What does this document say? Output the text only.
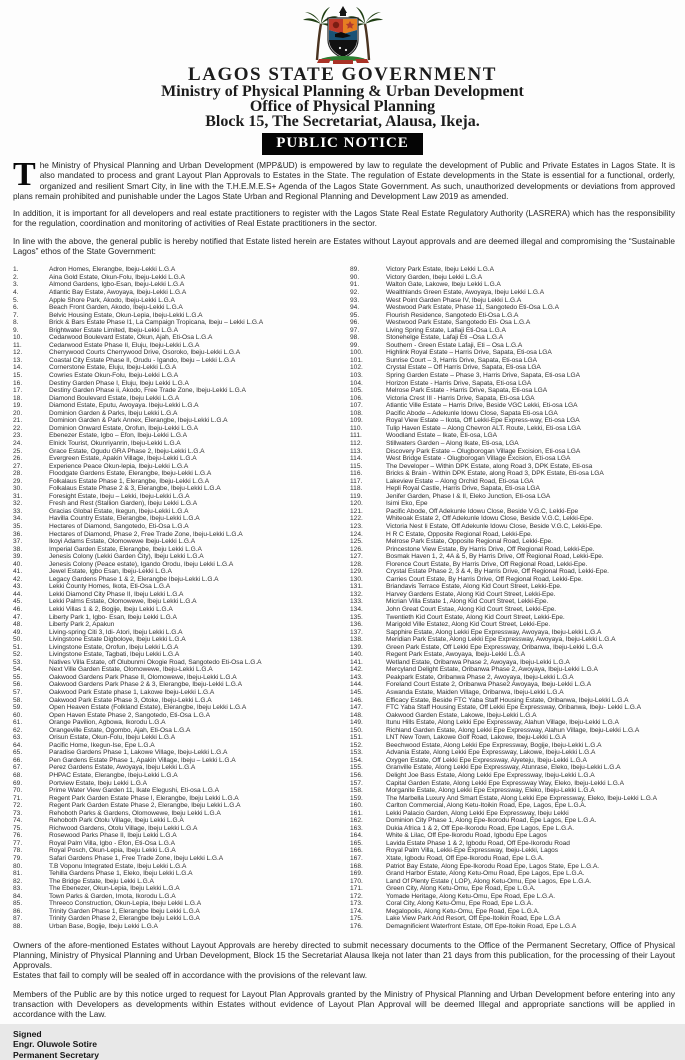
LAGOS STATE GOVERNMENT
Ministry of Physical Planning & Urban Development
Office of Physical Planning
Block 15, The Secretariat, Alausa, Ikeja.
PUBLIC NOTICE

The Ministry of Physical Planning and Urban Development (MPP&UD) is empowered by law to regulate the development of Public and Private Estates in Lagos State. It is also mandated to process and grant Layout Plan Approvals to Estates in the State. The regulation of Estate developments in the State is essential for a functional, orderly, organized and resilient Smart City, in line with the T.H.E.M.E.S+ Agenda of the Lagos State Government. As such, unauthorized developments or deviations from approved plans remain prohibited and punishable under the Lagos State Urban and Regional Planning and Development Law 2019 as amended.

In addition, it is important for all developers and real estate practitioners to register with the Lagos State Real Estate Regulatory Authority (LASRERA) which has the responsibility for the regulation, coordination and monitoring of activities of Real Estate practitioners in the sector.

In line with the above, the general public is hereby notified that Estate listed herein are Estates without Layout approvals and are deemed illegal and compromising the “Sustainable Lagos” ethos of the State Government:

1.	Adron Homes, Elerangbe, Ibeju-Lekki L.G.A
2.	Aina Gold Estate, Okun-Folu, Ibeju-Lekki L.G.A
3.	Almond Gardens, Igbo-Esan, Ibeju-Lekki L.G.A
4.	Atlantic Bay Estate, Awoyaya, Ibeju-Lekki L.G.A
5.	Apple Shore Park, Akodo, Ibeju-Lekki L.G.A
6.	Beach Front Garden, Akodo, Ibeju-Lekki L.G.A
7.	Belvic Housing Estate, Okun-Lepia, Ibeju-Lekki L.G.A
8.	Brick & Bars Estate Phase I1, La Campaign Tropicana, Ibeju – Lekki L.G.A
9.	Brightwater Estate Limited, Ibeju-Lekki L.G.A
10.	Cedarwood Boulevard Estate, Okun, Ajah, Eti-Osa L.G.A
11.	Cedarwood Estate Phase II, Eluju, Ibeju-Lekki L.G.A
12.	Cherrywood Courts Cherrywood Drive, Osoroko, Ibeju-Lekki L.G.A
13.	Coastal City Estate Phase II, Orudu - Igando, Ibeju – Lekki L.G.A
14.	Cornerstone Estate, Eluju, Ibeju-Lekki L.G.A
15.	Cowries Estate Okun-Folu, Ibeju-Lekki L.G.A
16.	Destiny Garden Phase I, Eluju, Ibeju Lekki L.G.A
17.	Destiny Garden Phase ii, Akodo, Free Trade Zone, Ibeju-Lekki L.G.A
18.	Diamond Boulevard Estate, Ibeju Lekki L.G.A
19.	Diamond Estate, Eputu, Awoyaya. Ibeju-Lekki L.G.A
20.	Dominion Garden & Parks, Ibeju Lekki L.G.A
21.	Dominion Garden & Park Annex, Elerangbe, Ibeju-Lekki L.G.A
22.	Dominion Onward Estate, Orofun, Ibeju-Lekki L.G.A
23.	Ebenezer Estate, Igbo – Efon, Ibeju-Lekki L.G.A
24.	Elnick Tourist, Okunriyanrin, Ibeju-Lekki L.G.A
25.	Grace Estate, Ogudu GRA Phase 2, Ibeju-Lekki L.G.A
26.	Evergreen Estate, Apakin Village, Ibeju-Lekki L.G.A
27.	Experience Peace Okun-lepia, Ibeju-Lekki L.G.A
28.	Floodgate Gardens Estate, Elerangbe, Ibeju-Lekki L.G.A
29.	Folkalaus Estate Phase 1, Elerangbe, Ibeju-Lekki L.G.A
30.	Folkalaus Estate Phase 2 & 3, Elerangbe, Ibeju-Lekki L.G.A
31.	Foresight Estate, Ibeju – Lekki, Ibeju-Lekki L.G.A
32.	Fresh and Rest (Stallion Garden), Ibeju Lekki L.G.A
33.	Gracias Global Estate, Ikegun, Ibeju-Lekki L.G.A
34.	Havilla Country Estate, Elerangbe, Ibeju-Lekki L.G.A
35.	Hectares of Diamond, Sangotedo, Eti-Osa L.G.A
36.	Hectares of Diamond, Phase 2, Free Trade Zone, Ibeju-Lekki L.G.A
37.	Ikoyi Adams Estate, Olomowewe Ibeju-Lekki L.G.A
38.	Imperial Garden Estate, Elerangbe, Ibeju Lekki L.G.A
39.	Jenesis Colony (Lekki Garden City), Ibeju Lekki L.G.A
40.	Jenesis Colony (Peace estate), Igando Orodu, Ibeju Lekki L.G.A
41.	Jewel Estate, Igbo Esan, Ibeju-Lekki L.G.A
42.	Legacy Gardens Phase 1 & 2, Elerangbe Ibeju-Lekki L.G.A
43.	Lekki County Homes, Ikota, Eti-Osa L.G.A
44.	Lekki Diamond City Phase II, Ibeju Lekki L.G.A
45.	Lekki Palms Estate, Olomowewe, Ibeju Lekki L.G.A
46.	Lekki Villas 1 & 2, Bogije, Ibeju Lekki L.G.A
47.	Liberty Park 1, Igbo- Esan, Ibeju Lekki L.G.A
48.	Liberty Park 2, Apakun
49.	Living-spring Citi 3, Idi- Atori, Ibeju Lekki L.G.A
50.	Livingstone Estate Digboloye, Ibeju Lekki L.G.A
51.	Livingstone Estate, Orofun, Ibeju Lekki L.G.A
52.	Livingstone Estate, Tagbati, Ibeju Lekki L.G.A
53.	Natives Villa Estate, off Olubunmi Okogie Road, Sangotedo Eti-Osa L.G.A
54.	Next Ville Garden Estate, Olomowewe, Ibeju-Lekki L.G.A
55.	Oakwood Gardens Park Phase II, Olomowewe, Ibeju-Lekki L.G.A
56.	Oakwood Gardens Park Phase 2 & 3, Elerangbe, Ibeju-Lekki L.G.A
57.	Oakwood Park Estate phase 1, Lakowe Ibeju-Lekki L.G.A
58.	Oakwood Park Estate Phase 3, Otoke, Ibeju-Lekki L.G.A
59.	Open Heaven Estate (Folkland Estate), Elerangbe, Ibeju Lekki L.G.A
60.	Open Haven Estate Phase 2, Sangotedo, Eti-Osa L.G.A
61.	Orange Pavilion, Agbowa, Ikorodu L.G.A
62.	Orangeville Estate, Ogombo, Ajah, Eti-Osa L.G.A
63.	Orisun Estate, Okun-Folu, Ibeju Lekki L.G.A
64.	Pacific Home, Ikegun-Ise, Epe L.G.A
65.	Paradise Gardens Phase 1, Lakowe Village, Ibeju-Lekki L.G.A
66.	Pen Gardens Estate Phase 1, Apakin Village, Ibeju – Lekki L.G.A
67.	Perez Gardens Estate, Awoyaya, Ibeju Lekki L.G.A
68.	PHPAC Estate, Elerangbe, Ibeju-Lekki L.G.A
69.	Portview Estate, Ibeju Lekki L.G.A
70.	Prime Water View Garden 11, Ikate Elegushi, Eti-osa L.G.A
71.	Regent Park Garden Estate Phase I, Elerangbe, Ibeju Lekki L.G.A
72.	Regent Park Garden Estate Phase 2, Elerangbe, Ibeju Lekki L.G.A
73.	Rehoboth Parks & Gardens, Olomowewe, Ibeju Lekki L.G.A
74.	Rehoboth Park Otolu Village, Ibeju Lekki L.G.A
75.	Richwood Gardens, Otolu Village, Ibeju Lekki L.G.A
76.	Rosewood Parks Phase II, Ibeju Lekki L.G.A
77.	Royal Palm Villa, Igbo - Efon, Eti-Osa L.G.A
78.	Royal Posch, Okun-Lepia, Ibeju Lekki L.G.A
79.	Safari Gardens Phase 1, Free Trade Zone, Ibeju Lekki L.G.A
80.	T.B Voponu Integrated Estate, Ibeju Lekki L.G.A
81.	Tehilla Gardens Phase 1, Eleko, Ibeju Lekki L.G.A
82.	The Bridge Estate, Ibeju Lekki L.G.A
83.	The Ebenezer, Okun-Lepia, Ibeju Lekki L.G.A
84.	Town Parks & Garden, Imota, Ikorodu L.G.A
85.	Threeco Construction, Okun-Lepia, Ibeju Lekki L.G.A
86.	Trinity Garden Phase 1, Elerangbe Ibeju Lekki L.G.A
87.	Trinity Garden Phase 2, Elerangbe Ibeju Lekki L.G.A
88.	Urban Base, Bogije, Ibeju Lekki L.G.A
89.	Victory Park Estate, Ibeju Lekki L.G.A
90.	Victory Garden, Ibeju Lekki L.G.A
91.	Walton Gate, Lakowe, Ibeju Lekki L.G.A
92.	Wealthlands Green Estate, Awoyaya, Ibeju Lekki L.G.A
93.	West Point Garden Phase IV, Ibeju Lekki L.G.A
94.	Westwood Park Estate, Phase 11, Sangotedo Eti-Osa L.G.A
95.	Flourish Residence, Sangotedo Eti-Osa L.G.A
96.	Westwood Park Estate, Sangotedo Eti- Osa L.G.A
97.	Living Spring Estate, Lafiaji Eti-Osa L.G.A
98.	Stonehelge Estate, Lafaji Eti –Osa L.G.A
99.	Southern - Green Estate Lafaji, Eti – Osa L.G.A
100.	Highlink Royal Estate – Harris Drive, Sapata, Eti-osa LGA
101.	Sunrise Court – 3, Harris Drive, Sapata, Eti-osa LGA
102.	Crystal Estate – Off Harris Drive, Sapata, Eti-osa LGA
103.	Spring Garden Estate – Phase 3, Harris Drive, Sapata, Eti-osa LGA
104.	Horizon Estate - Harris Drive, Sapata, Eti-osa LGA
105.	Melrose Park Estate - Harris Drive, Sapata, Eti-osa LGA
106.	Victoria Crest III - Harris Drive, Sapata, Eti-osa LGA
107.	Atlantic Ville Estate – Harris Drive, Beside VGC Lekki, Eti-osa LGA
108.	Pacific Abode – Adekunle Idowu Close, Sapata Eti-osa LGA
109.	Royal View Estate – Ikota, Off Lekki-Epe Express-way, Eti-osa LGA
110.	Tulip Haven Estate – Along Chevron ALT. Route, Lekki, Eti-osa LGA
111.	Woodland Estate – Ikate, Eti-osa, LGA
112.	Stillwaters Garden – Along Ikate, Eti-osa, LGA
113.	Discovery Park Estate – Olugborogan Village Excision, Eti-osa LGA
114.	West Bridge Estate - Olugborogan Village Excision, Eti-osa LGA
115.	The Developer – Within DPK Estate, along Road 3, DPK Estate, Eti-osa
116.	Bricks & Brain - Within DPK Estate, along Road 3, DPK Estate, Eti-osa LGA
117.	Lakeview Estate – Along Orchid Road, Eti-osa LGA
118.	Hepli Royal Castle, Harris Drive, Sapata, Eti-osa LGA
119.	Jenifer Garden, Phase I & II, Eleko Junction, Eti-osa LGA
120.	Isimi Eko, Epe
121.	Pacific Abode, Off Adekunle Idowu Close, Beside V.G.C, Lekki-Epe
122.	Whiteoak Estate 2, Off Adekunle Idowu Close, Beside V.G.C, Lekki-Epe.
123.	Victoria Nest Ii Estate, Off Adekunle Idowu Close, Beside V.G.C, Lekki-Epe.
124.	H R C Estate, Opposite Regional Road, Lekki-Epe.
125.	Melrose Park Estate, Opposite Regional Road, Lekki-Epe.
126.	Princestone View Estate, By Harris Drive, Off Regional Road, Lekki-Epe.
127.	Bosmak Haven 1, 2, 4A & 5, By Harris Drive, Off Regional Road, Lekki-Epe.
128.	Florence Court Estate, By Harris Drive, Off Regional Road, Lekki-Epe.
129.	Crystal Estate Phase 2, 3 & 4, By Harris Drive, Off Regional Road, Lekki-Epe.
130.	Carries Court Estate, By Harris Drive, Off Regional Road, Lekki-Epe.
131.	Briandavis Terrace Estate, Along Kid Court Street, Lekki-Epe.
132.	Harvey Gardens Estate, Along Kid Court Street, Lekki-Epe.
133.	Micrian Villa Estate 1, Along Kid Court Street, Lekki-Epe.
134.	John Great Court Estae, Along Kid Court Street, Lekki-Epe.
135.	Twentieth Kid Court Estate, Along Kid Court Street, Lekki-Epe.
136.	Marigold Ville Estatez, Along Kid Court Street, Lekki-Epe.
137.	Sapphire Estate, Along Lekki Epe Expressway, Awoyaya, Ibeju-Lekki L.G.A
138.	Meridian Park Estate, Along Lekki Epe Expressway, Awoyaya, Ibeju-Lekki L.G.A
139.	Green Park Estate, Off Lekki Epe Expressway, Oribanwa, Ibeju-Lekki L.G.A
140.	Regent Park Estate, Awoyaya, Ibeju-Lekki L.G.A
141.	Wetland Estate, Oribanwa Phase 2, Awoyaya, Ibeju-Lekki L.G.A
142.	Mercyland Delight Estate, Oribanwa Phase 2, Awoyaya, Ibeju-Lekki L.G.A
143.	Peakpark Estate, Oribanwa Phase 2, Awoyaya, Ibeju-Lekki L.G.A
144.	Foreland Court Estate 2, Oribanwa Phase2 Awoyaya, Ibeju-Lekki L.G.A
145.	Aswanda Estate, Maiden Village, Oribanwa, Ibeju-Lekki L.G.A
146.	Efficacy Estate, Beside FTC Yaba Staff Housing Estate, Oribanwa, Ibeju-Lekki L.G.A
147.	FTC Yaba Staff Housing Estate, Off Lekki Epe Expressway, Oribanwa, Ibeju- Lekki L.G.A
148.	Oakwood Garden Estate, Lakowe, Ibeju-Lekki L.G.A
149.	Itunu Hills Estate, Along Lekki Epe Expressway, Alahun Village, Ibeju-Lekki L.G.A
150.	Richland Garden Estate, Along Lekki Epe Expressway, Alahun Village, Ibeju-Lekki L.G.A
151.	LNT New Town, Lakowe Golf Road, Lakowe, Ibeju-Lekki L.G.A
152.	Beechwood Estate, Along Lekki Epe Expressway, Bogije, Ibeju-Lekki L.G.A
153.	Advania Estate, Along Lekki Epe Expressway, Lakowe, Ibeju-Lekki L.G.A
154.	Oxygen Estate, Off Lekki Epe Expressway, Aiyeteju, Ibeju-Lekki L.G.A
155.	Granville Estate, Along Lekki Epe Expressway, Atunrase, Eleko, Ibeju-Lekki L.G.A
156.	Delight Joe Bass Estate, Along Lekki Epe Expressway, Ibeju-Lekki L.G.A
157.	Capital Garden Estate, Along Lekki Epe Expressway Way, Eleko, Ibeju-Lekki L.G.A
158.	Morganite Estate, Along Lekki Epe Expressway, Eleko, Ibeju-Lekki L.G.A
159.	The Marbella Luxury And Smart Estate, Along Lekki Epe Expressway, Eleko, Ibeju-Lekki L.G.A
160.	Carlton Commercial, Along Ketu-Itoikin Road, Epe, Lagos, Epe L.G.A.
161.	Lekki Palacio Garden, Along Lekki Epe Expressway, Ibeju Lekki
162.	Dominion City Phase 1, Along Epe-Ikorodu Road, Epe Lagos, Epe L.G.A.
163.	Dukia Africa 1 & 2, Off Epe-Ikorodu Road, Epe Lagos, Epe L.G.A.
164.	White & Lilac, Off Epe-Ikorodu Road, Igbodu Epe Lagos
165.	Lavida Estate Phase 1 & 2, Igbodu Road, Off Epe-Ikorodu Road
166.	Royal Palm Villa, Lekki-Epe Expressway, Ibeju-Lekki, Lagos
167.	Xtate, Igbodu Road, Off Epe-Ikorodu Road, Epe L.G.A.
168.	Patriot Bay Estate, Along Epe-Ikorodu Road Epe, Lagos State, Epe L.G.A.
169.	Grand Harbor Estate, Along Ketu-Omu Road, Epe Lagos, Epe L.G.A.
170.	Land Of Plenty Estate ( LOP), Along Ketu-Omu, Epe Lagos, Epe L.G.A.
171.	Green City, Along Ketu-Omu, Epe Road, Epe L.G.A.
172.	Yomade Heritage, Along Ketu-Omu, Epe Road, Epe L.G.A.
173.	Coral City, Along Ketu-Omu, Epe Road, Epe L.G.A.
174.	Megalopolis, Along Ketu-Omu, Epe Road, Epe L.G.A.
175.	Lake View Park And Resort, Off Epe-Itoikin Road, Epe L.G.A
176.	Demagnificient Waterfront Estate, Off Epe-Itoikin Road, Epe L.G.A

Owners of the afore-mentioned Estates without Layout Approvals are hereby directed to submit necessary documents to the Office of the Permanent Secretary, Office of Physical Planning, Ministry of Physical Planning and Urban Development, Block 15 the Secretariat Alausa Ikeja not later than 21 days from this publication, for the processing of their Layout Approvals.

Estates that fail to comply will be sealed off in accordance with the provisions of the relevant law.

Members of the Public are by this notice urged to request for Layout Plan Approvals granted by the Ministry of Physical Planning and Urban Development before entering into any transaction with Developers as developments within Estates without evidence of Layout Plan Approval will be deemed Illegal and appropriate sanctions will be applied in accordance with the Law.

Signed
Engr. Oluwole Sotire
Permanent Secretary
